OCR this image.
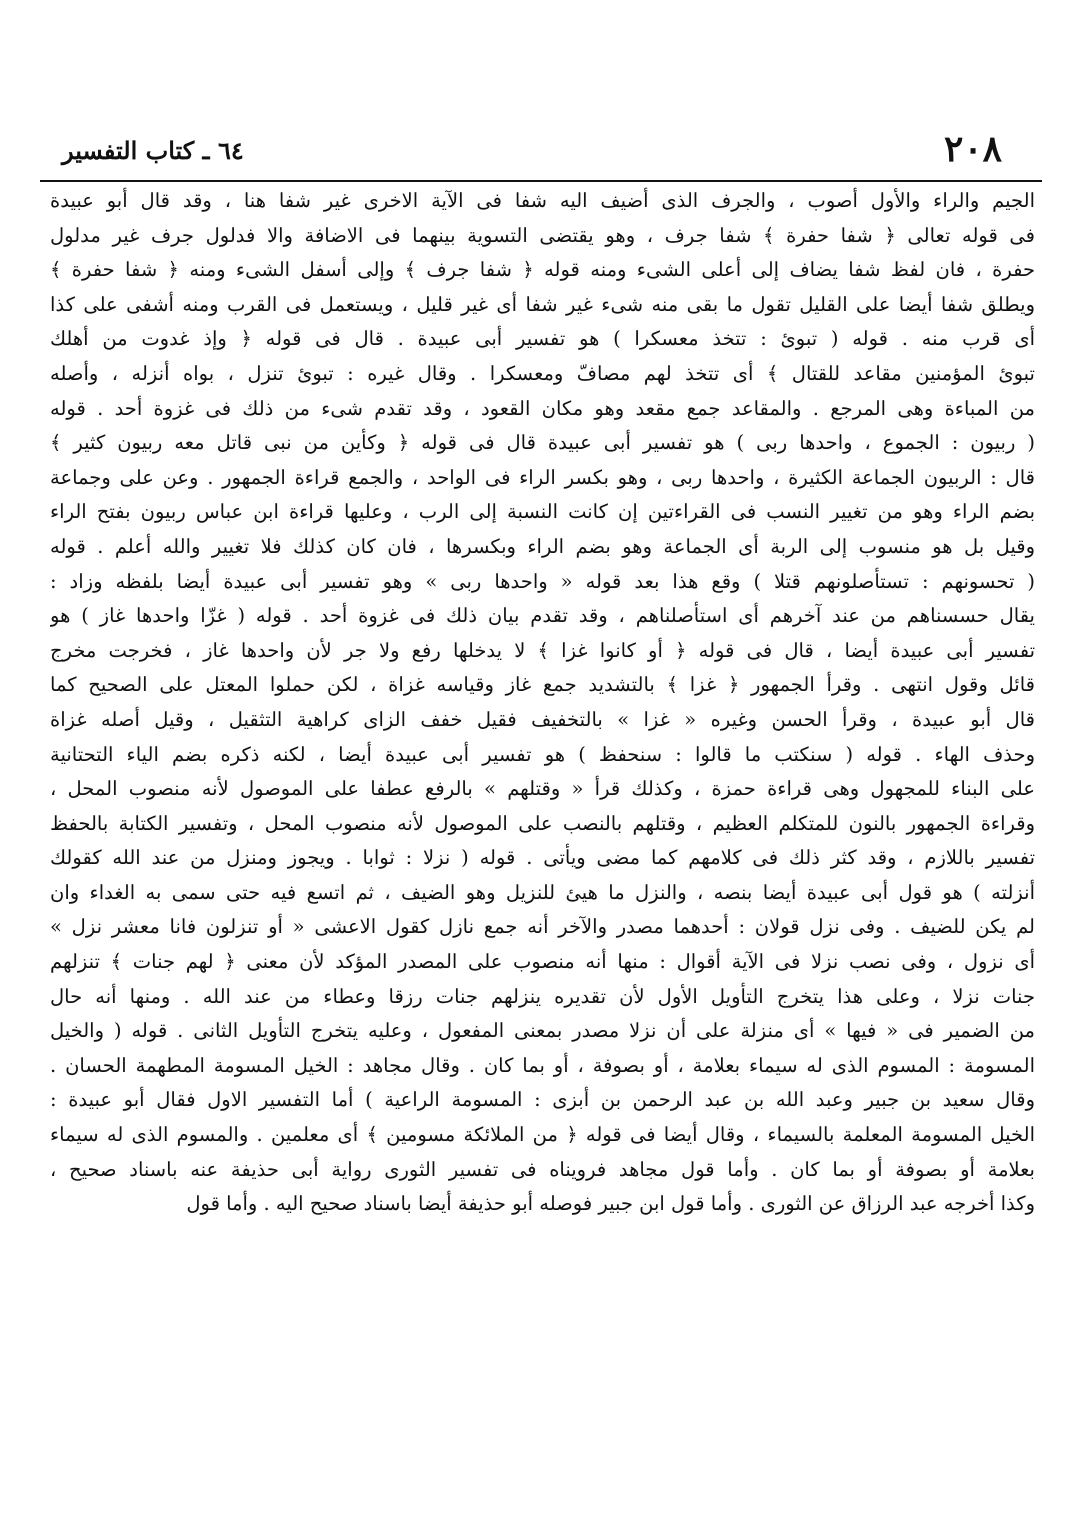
٢٠٨
٦٤ ـ كتاب التفسير
الجيم والراء والأول أصوب ، والجرف الذى أضيف اليه شفا فى الآية الاخرى غير شفا هنا ، وقد قال أبو عبيدة
فى قوله تعالى ﴿ شفا حفرة ﴾ شفا جرف ، وهو يقتضى التسوية بينهما فى الاضافة والا فدلول جرف غير مدلول
حفرة ، فان لفظ شفا يضاف إلى أعلى الشىء ومنه قوله ﴿ شفا جرف ﴾ وإلى أسفل الشىء ومنه ﴿ شفا حفرة ﴾
ويطلق شفا أيضا على القليل تقول ما بقى منه شىء غير شفا أى غير قليل ، ويستعمل فى القرب ومنه أشفى على كذا
أى قرب منه . قوله ( تبوئ : تتخذ معسكرا ) هو تفسير أبى عبيدة . قال فى قوله ﴿ وإذ غدوت من أهلك
تبوئ المؤمنين مقاعد للقتال ﴾ أى تتخذ لهم مصافّ ومعسكرا . وقال غيره : تبوئ تنزل ، بواه أنزله ، وأصله
من المباءة وهى المرجع . والمقاعد جمع مقعد وهو مكان القعود ، وقد تقدم شىء من ذلك فى غزوة أحد . قوله
( ربيون : الجموع ، واحدها ربى ) هو تفسير أبى عبيدة قال فى قوله ﴿ وكأين من نبى قاتل معه ربيون كثير ﴾
قال : الربيون الجماعة الكثيرة ، واحدها ربى ، وهو بكسر الراء فى الواحد ، والجمع قراءة الجمهور . وعن على وجماعة
بضم الراء وهو من تغيير النسب فى القراءتين إن كانت النسبة إلى الرب ، وعليها قراءة ابن عباس ربيون بفتح الراء
وقيل بل هو منسوب إلى الربة أى الجماعة وهو بضم الراء وبكسرها ، فان كان كذلك فلا تغيير والله أعلم . قوله
( تحسونهم : تستأصلونهم قتلا ) وقع هذا بعد قوله « واحدها ربى » وهو تفسير أبى عبيدة أيضا بلفظه وزاد :
يقال حسسناهم من عند آخرهم أى استأصلناهم ، وقد تقدم بيان ذلك فى غزوة أحد . قوله ( غزّا واحدها غاز ) هو
تفسير أبى عبيدة أيضا ، قال فى قوله ﴿ أو كانوا غزا ﴾ لا يدخلها رفع ولا جر لأن واحدها غاز ، فخرجت مخرج
قائل وقول انتهى . وقرأ الجمهور ﴿ غزا ﴾ بالتشديد جمع غاز وقياسه غزاة ، لكن حملوا المعتل على الصحيح كما
قال أبو عبيدة ، وقرأ الحسن وغيره « غزا » بالتخفيف فقيل خفف الزاى كراهية التثقيل ، وقيل أصله غزاة
وحذف الهاء . قوله ( سنكتب ما قالوا : سنحفظ ) هو تفسير أبى عبيدة أيضا ، لكنه ذكره بضم الياء التحتانية
على البناء للمجهول وهى قراءة حمزة ، وكذلك قرأ « وقتلهم » بالرفع عطفا على الموصول لأنه منصوب المحل ،
وقراءة الجمهور بالنون للمتكلم العظيم ، وقتلهم بالنصب على الموصول لأنه منصوب المحل ، وتفسير الكتابة بالحفظ
تفسير باللازم ، وقد كثر ذلك فى كلامهم كما مضى ويأتى . قوله ( نزلا : ثوابا . ويجوز ومنزل من عند الله كقولك
أنزلته ) هو قول أبى عبيدة أيضا بنصه ، والنزل ما هيئ للنزيل وهو الضيف ، ثم اتسع فيه حتى سمى به الغداء وان
لم يكن للضيف . وفى نزل قولان : أحدهما مصدر والآخر أنه جمع نازل كقول الاعشى « أو تنزلون فانا معشر نزل »
أى نزول ، وفى نصب نزلا فى الآية أقوال : منها أنه منصوب على المصدر المؤكد لأن معنى ﴿ لهم جنات ﴾ تنزلهم
جنات نزلا ، وعلى هذا يتخرج التأويل الأول لأن تقديره ينزلهم جنات رزقا وعطاء من عند الله . ومنها أنه حال
من الضمير فى « فيها » أى منزلة على أن نزلا مصدر بمعنى المفعول ، وعليه يتخرج التأويل الثانى . قوله ( والخيل
المسومة : المسوم الذى له سيماء بعلامة ، أو بصوفة ، أو بما كان . وقال مجاهد : الخيل المسومة المطهمة الحسان .
وقال سعيد بن جبير وعبد الله بن عبد الرحمن بن أبزى : المسومة الراعية ) أما التفسير الاول فقال أبو عبيدة :
الخيل المسومة المعلمة بالسيماء ، وقال أيضا فى قوله ﴿ من الملائكة مسومين ﴾ أى معلمين . والمسوم الذى له سيماء
بعلامة أو بصوفة أو بما كان . وأما قول مجاهد فرويناه فى تفسير الثورى رواية أبى حذيفة عنه باسناد صحيح ،
وكذا أخرجه عبد الرزاق عن الثورى . وأما قول ابن جبير فوصله أبو حذيفة أيضا باسناد صحيح اليه . وأما قول
